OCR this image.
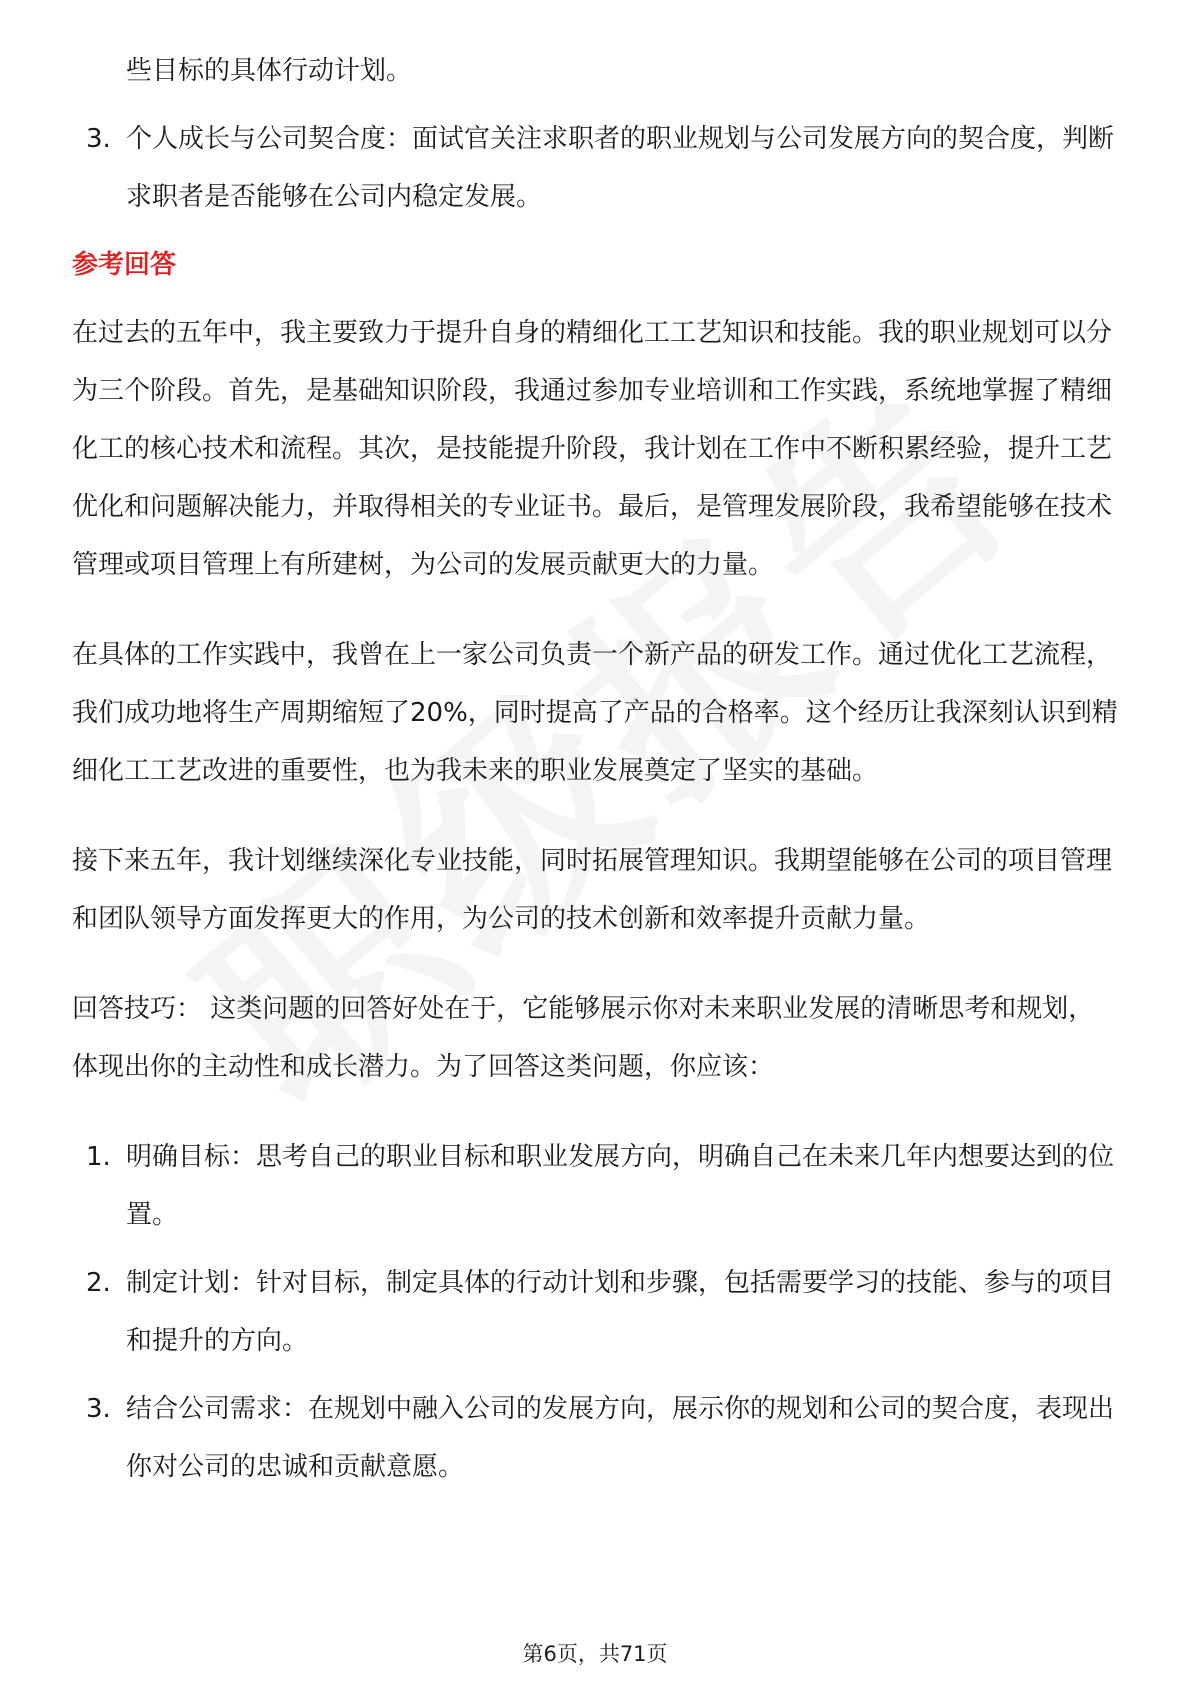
些目标的具体行动计划。

3. 个人成长与公司契合度：面试官关注求职者的职业规划与公司发展方向的契合度，判断求职者是否能够在公司内稳定发展。

参考回答

在过去的五年中，我主要致力于提升自身的精细化工工艺知识和技能。我的职业规划可以分为三个阶段。首先，是基础知识阶段，我通过参加专业培训和工作实践，系统地掌握了精细化工的核心技术和流程。其次，是技能提升阶段，我计划在工作中不断积累经验，提升工艺优化和问题解决能力，并取得相关的专业证书。最后，是管理发展阶段，我希望能够在技术管理或项目管理上有所建树，为公司的发展贡献更大的力量。

在具体的工作实践中，我曾在上一家公司负责一个新产品的研发工作。通过优化工艺流程，我们成功地将生产周期缩短了20%，同时提高了产品的合格率。这个经历让我深刻认识到精细化工工艺改进的重要性，也为我未来的职业发展奠定了坚实的基础。

接下来五年，我计划继续深化专业技能，同时拓展管理知识。我期望能够在公司的项目管理和团队领导方面发挥更大的作用，为公司的技术创新和效率提升贡献力量。

回答技巧： 这类问题的回答好处在于，它能够展示你对未来职业发展的清晰思考和规划，体现出你的主动性和成长潜力。为了回答这类问题，你应该：

1. 明确目标：思考自己的职业目标和职业发展方向，明确自己在未来几年内想要达到的位置。

2. 制定计划：针对目标，制定具体的行动计划和步骤，包括需要学习的技能、参与的项目和提升的方向。

3. 结合公司需求：在规划中融入公司的发展方向，展示你的规划和公司的契合度，表现出你对公司的忠诚和贡献意愿。

第6页，共71页
